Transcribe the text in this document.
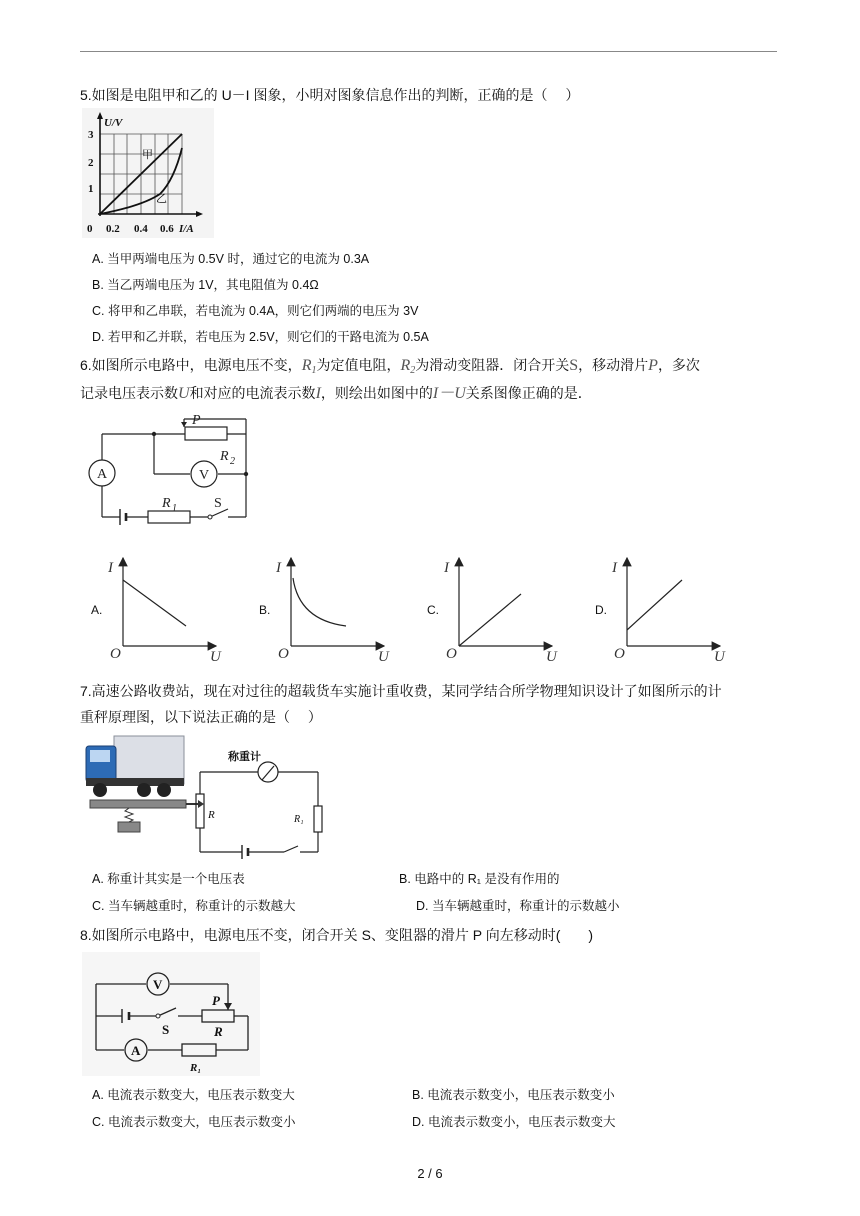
5.如图是电阻甲和乙的 U－I 图象，小明对图象信息作出的判断，正确的是（　 ）
U/V
3
2
1
0 0.2 0.4 0.6 I/A
甲
乙
A. 当甲两端电压为 0.5V 时，通过它的电流为 0.3A
B. 当乙两端电压为 1V，其电阻值为 0.4Ω
C. 将甲和乙串联，若电流为 0.4A，则它们两端的电压为 3V
D. 若甲和乙并联，若电压为 2.5V，则它们的干路电流为 0.5A
6.如图所示电路中，电源电压不变，$R_1$为定值电阻，$R_2$为滑动变阻器．闭合开关S，移动滑片P，多次
记录电压表示数U和对应的电流表示数I，则绘出如图中的I－U关系图像正确的是．
A	V
P
R 2
R 1	S
A.	B.	C.	D.
I
O	U
I
O	U
I
O	U
I
O	U
7.高速公路收费站，现在对过往的超载货车实施计重收费，某同学结合所学物理知识设计了如图所示的计
重秤原理图，以下说法正确的是（　 ）
称重计
R	R₁
A. 称重计其实是一个电压表	B. 电路中的 R₁ 是没有作用的
C. 当车辆越重时，称重计的示数越大	D. 当车辆越重时，称重计的示数越小
8.如图所示电路中，电源电压不变，闭合开关 S、变阻器的滑片 P 向左移动时(　　)
V
A
S
P
R
R₁
A. 电流表示数变大，电压表示数变大	B. 电流表示数变小，电压表示数变小
C. 电流表示数变大，电压表示数变小	D. 电流表示数变小，电压表示数变大
2 / 6
